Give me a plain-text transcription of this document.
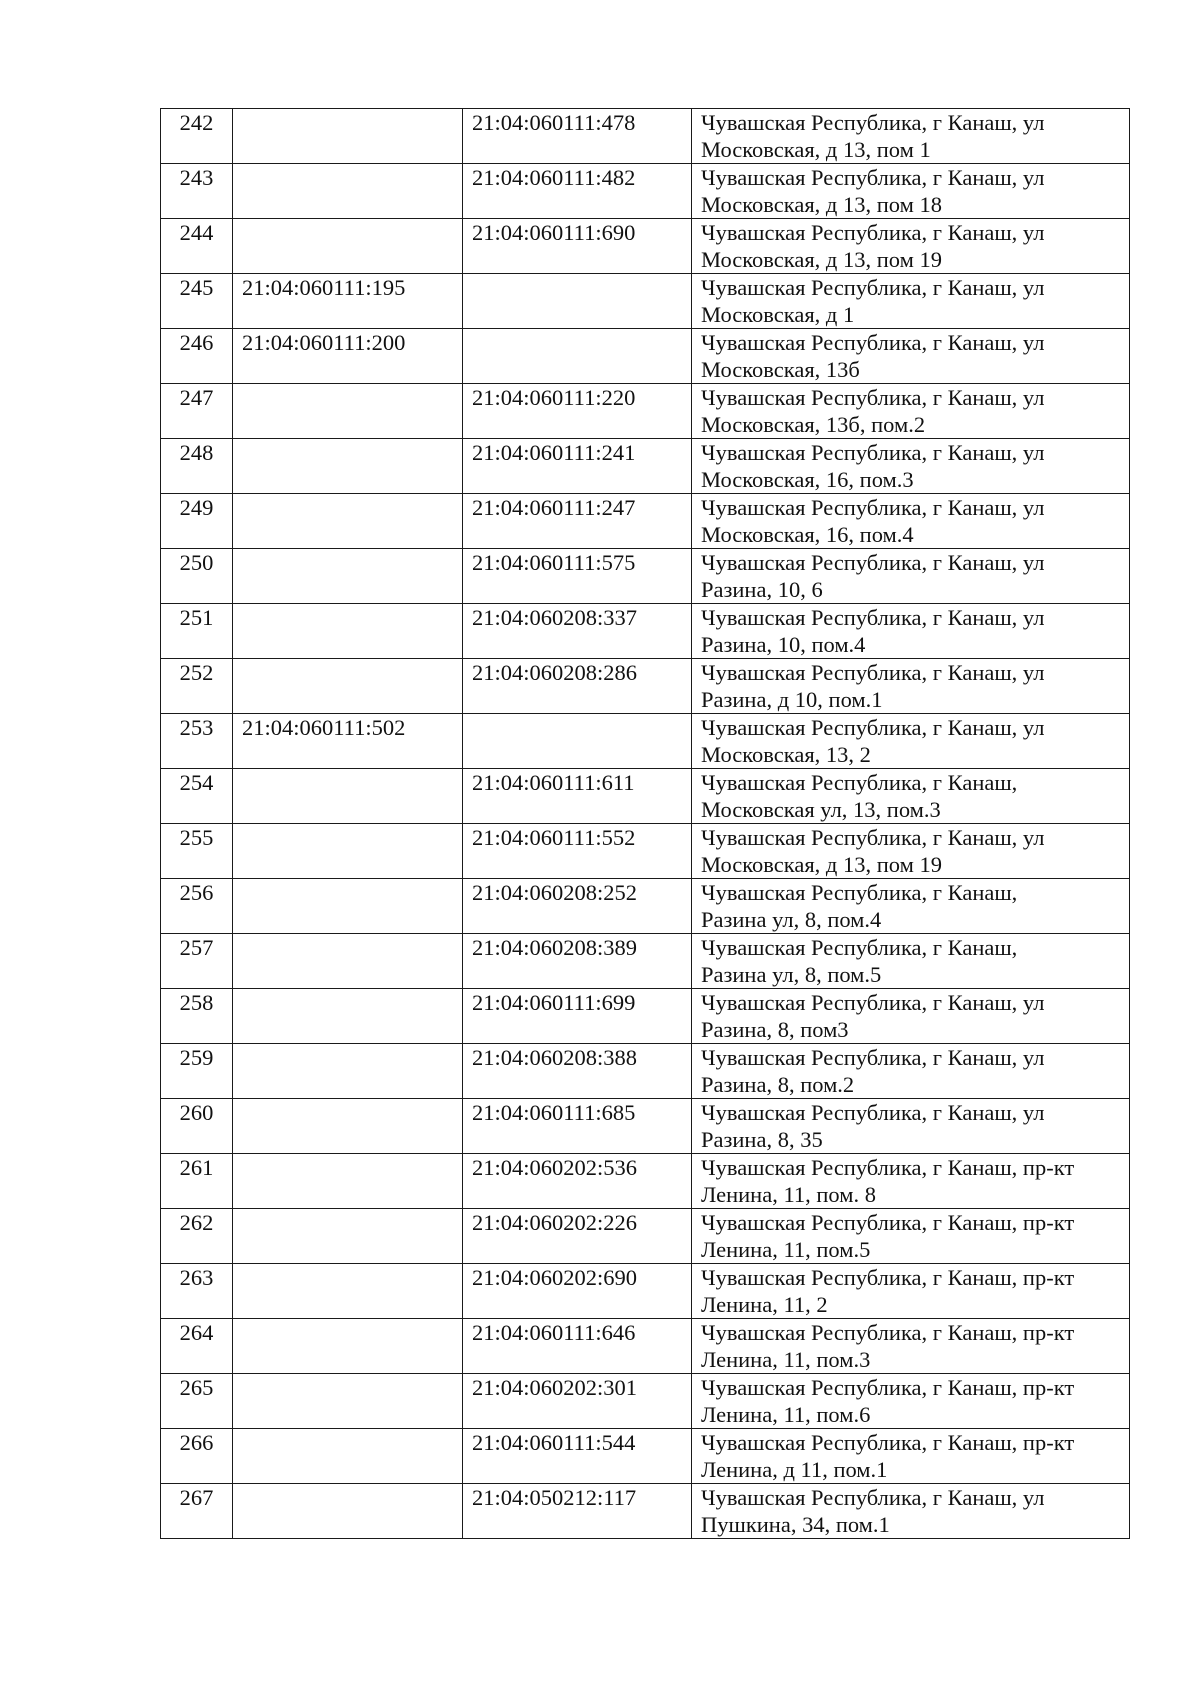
242		21:04:060111:478	Чувашская Республика, г Канаш, ул
Московская, д 13, пом 1

243		21:04:060111:482	Чувашская Республика, г Канаш, ул
Московская, д 13, пом 18

244		21:04:060111:690	Чувашская Республика, г Канаш, ул
Московская, д 13, пом 19

245	21:04:060111:195		Чувашская Республика, г Канаш, ул
Московская, д 1

246	21:04:060111:200		Чувашская Республика, г Канаш, ул
Московская, 13б

247		21:04:060111:220	Чувашская Республика, г Канаш, ул
Московская, 13б, пом.2

248		21:04:060111:241	Чувашская Республика, г Канаш, ул
Московская, 16, пом.3

249		21:04:060111:247	Чувашская Республика, г Канаш, ул
Московская, 16, пом.4

250		21:04:060111:575	Чувашская Республика, г Канаш, ул
Разина, 10, 6

251		21:04:060208:337	Чувашская Республика, г Канаш, ул
Разина, 10, пом.4

252		21:04:060208:286	Чувашская Республика, г Канаш, ул
Разина, д 10, пом.1

253	21:04:060111:502		Чувашская Республика, г Канаш, ул
Московская, 13, 2

254		21:04:060111:611	Чувашская Республика, г Канаш,
Московская ул, 13, пом.3

255		21:04:060111:552	Чувашская Республика, г Канаш, ул
Московская, д 13, пом 19

256		21:04:060208:252	Чувашская Республика, г Канаш,
Разина ул, 8, пом.4

257		21:04:060208:389	Чувашская Республика, г Канаш,
Разина ул, 8, пом.5

258		21:04:060111:699	Чувашская Республика, г Канаш, ул
Разина, 8, пом3

259		21:04:060208:388	Чувашская Республика, г Канаш, ул
Разина, 8, пом.2

260		21:04:060111:685	Чувашская Республика, г Канаш, ул
Разина, 8, 35

261		21:04:060202:536	Чувашская Республика, г Канаш, пр-кт
Ленина, 11, пом. 8

262		21:04:060202:226	Чувашская Республика, г Канаш, пр-кт
Ленина, 11, пом.5

263		21:04:060202:690	Чувашская Республика, г Канаш, пр-кт
Ленина, 11, 2

264		21:04:060111:646	Чувашская Республика, г Канаш, пр-кт
Ленина, 11, пом.3

265		21:04:060202:301	Чувашская Республика, г Канаш, пр-кт
Ленина, 11, пом.6

266		21:04:060111:544	Чувашская Республика, г Канаш, пр-кт
Ленина, д 11, пом.1

267		21:04:050212:117	Чувашская Республика, г Канаш, ул
Пушкина, 34, пом.1
